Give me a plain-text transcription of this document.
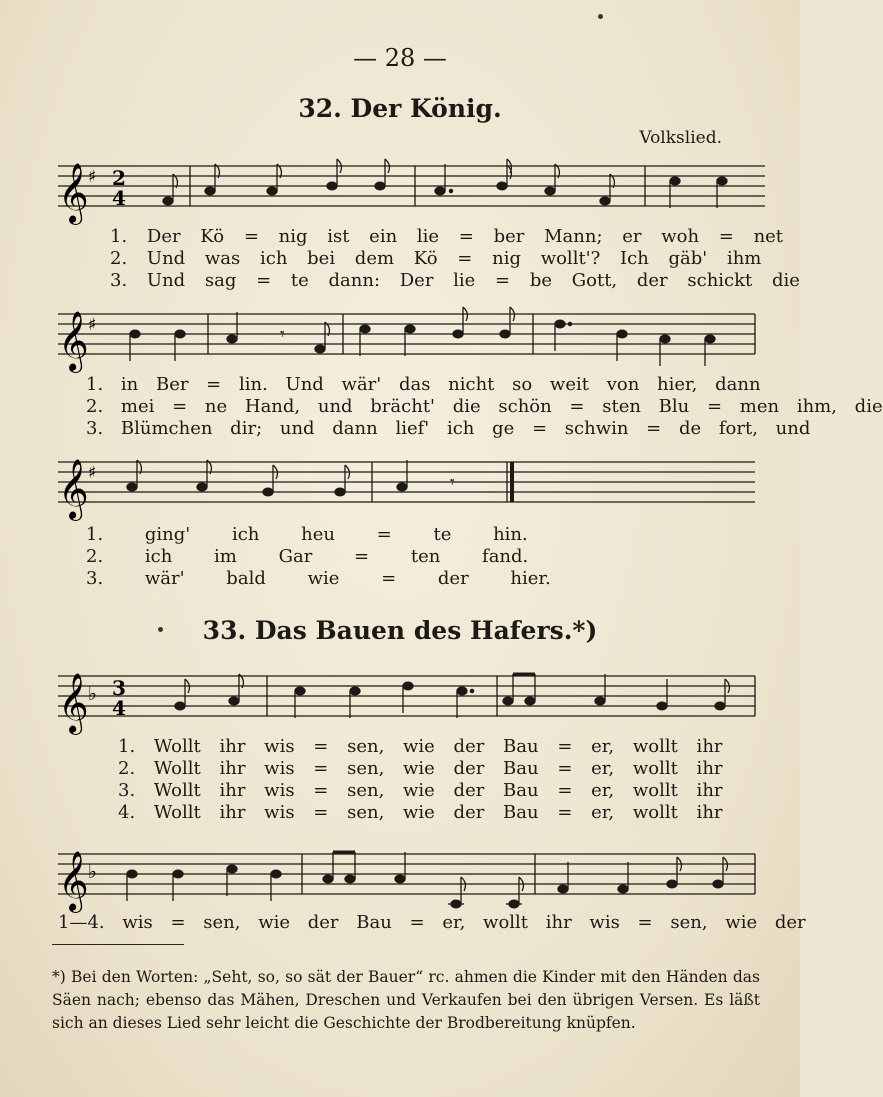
— 28 —
32. Der König.
Volkslied.
𝄞 ♯ 2
4
1. Der Kö = nig ist ein lie = ber Mann; er woh = net
2. Und was ich bei dem Kö = nig wollt'? Ich gäb' ihm
3. Und sag = te dann: Der lie = be Gott, der schickt die
𝄞 ♯	𝄾
1. in Ber = lin. Und wär' das nicht so weit von hier, dann
2. mei = ne Hand, und brächt' die schön = sten Blu = men ihm, die
3. Blümchen dir; und dann lief' ich ge = schwin = de fort, und
𝄞 ♯	𝄾
1. ging' ich heu = te hin.
2. ich im Gar = ten fand.
3. wär' bald wie = der hier.
33. Das Bauen des Hafers.*)
𝄞 ♭ 3
4
1. Wollt ihr wis = sen, wie der Bau = er, wollt ihr
2. Wollt ihr wis = sen, wie der Bau = er, wollt ihr
3. Wollt ihr wis = sen, wie der Bau = er, wollt ihr
4. Wollt ihr wis = sen, wie der Bau = er, wollt ihr
𝄞 ♭
1—4. wis = sen, wie der Bau = er, wollt ihr wis = sen, wie der
*) Bei den Worten: „Seht, so, so sät der Bauer“ rc. ahmen die Kinder mit den Händen das Säen nach; ebenso das Mähen, Dreschen und Verkaufen bei den übrigen Versen. Es läßt sich an dieses Lied sehr leicht die Geschichte der Brodbereitung knüpfen.
